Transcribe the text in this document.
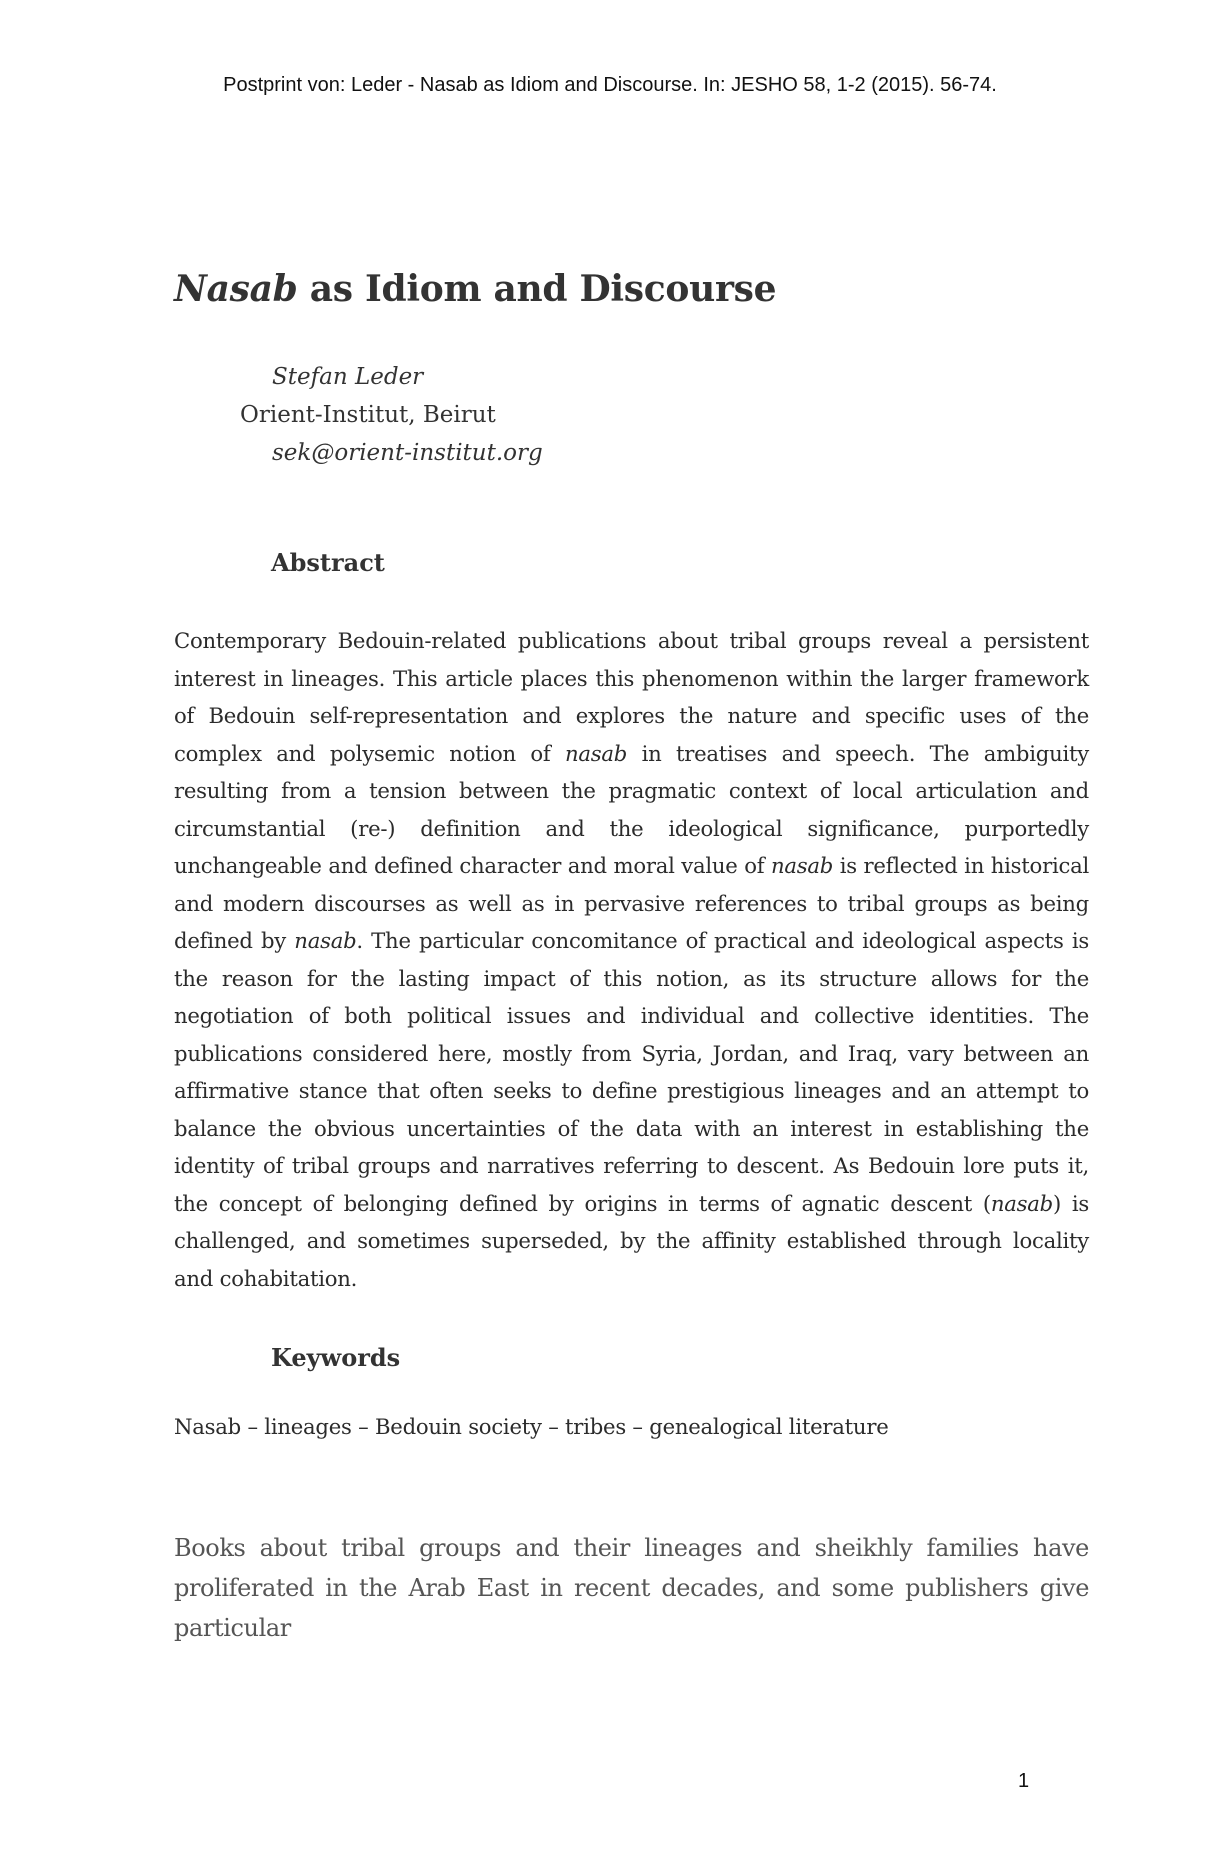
Postprint von: Leder - Nasab as Idiom and Discourse. In: JESHO 58, 1-2 (2015). 56-74.
Nasab as Idiom and Discourse
Stefan Leder
Orient-Institut, Beirut
sek@orient-institut.org
Abstract
Contemporary Bedouin-related publications about tribal groups reveal a persistent interest in lineages. This article places this phenomenon within the larger framework of Bedouin self-representation and explores the nature and specific uses of the complex and polysemic notion of nasab in treatises and speech. The ambiguity resulting from a tension between the pragmatic context of local articulation and circumstantial (re-) definition and the ideological significance, purportedly unchangeable and defined character and moral value of nasab is reflected in historical and modern discourses as well as in pervasive references to tribal groups as being defined by nasab. The particular concomitance of practical and ideological aspects is the reason for the lasting impact of this notion, as its structure allows for the negotiation of both political issues and individual and collective identities. The publications considered here, mostly from Syria, Jordan, and Iraq, vary between an affirmative stance that often seeks to define prestigious lineages and an attempt to balance the obvious uncertainties of the data with an interest in establishing the identity of tribal groups and narratives referring to descent. As Bedouin lore puts it, the concept of belonging defined by origins in terms of agnatic descent (nasab) is challenged, and sometimes superseded, by the affinity established through locality and cohabitation.
Keywords
Nasab – lineages – Bedouin society – tribes – genealogical literature
Books about tribal groups and their lineages and sheikhly families have proliferated in the Arab East in recent decades, and some publishers give particular
1
